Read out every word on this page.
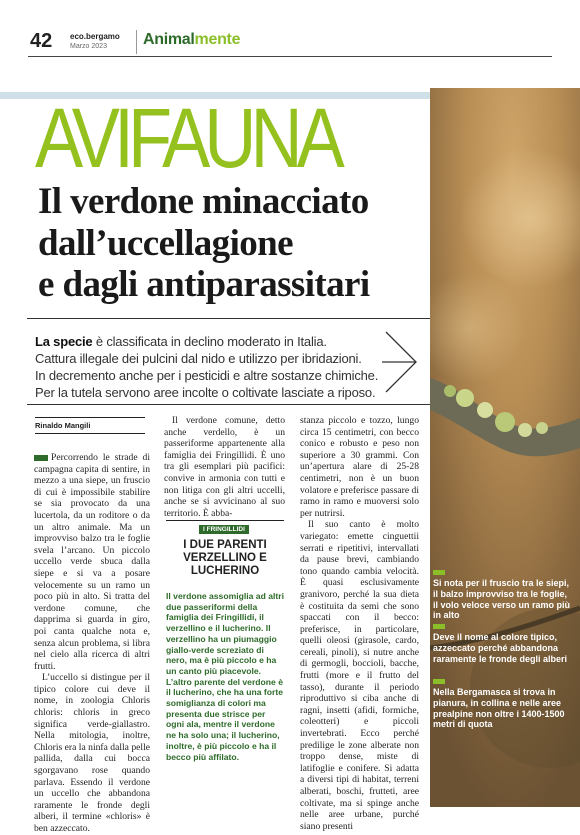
42 eco.bergamo
Marzo 2023 Animalmente
AVIFAUNA
Il verdone minacciato
dall’uccellagione
e dagli antiparassitari
La specie è classificata in declino moderato in Italia.
Cattura illegale dei pulcini dal nido e utilizzo per ibridazioni.
In decremento anche per i pesticidi e altre sostanze chimiche.
Per la tutela servono aree incolte o coltivate lasciate a riposo.
Rinaldo Mangili

Percorrendo le strade di campagna capita di sentire, in mezzo a una siepe, un fruscio di cui è impossibile stabilire se sia provocato da una lucertola, da un roditore o da un altro animale. Ma un improvviso balzo tra le foglie svela l’arcano. Un piccolo uccello verde sbuca dalla siepe e si va a posare velocemente su un ramo un poco più in alto. Si tratta del verdone comune, che dapprima si guarda in giro, poi canta qualche nota e, senza alcun problema, si libra nel cielo alla ricerca di altri frutti.

L’uccello si distingue per il tipico colore cui deve il nome, in zoologia Chloris chloris: chloris in greco significa verde-giallastro. Nella mitologia, inoltre, Chloris era la ninfa dalla pelle pallida, dalla cui bocca sgorgavano rose quando parlava. Essendo il verdone un uccello che abbandona raramente le fronde degli alberi, il termine «chloris» è ben azzeccato.

Il verdone comune, detto anche verdello, è un passeriforme appartenente alla famiglia dei Fringillidi. È uno tra gli esemplari più pacifici: convive in armonia con tutti e non litiga con gli altri uccelli, anche se si avvicinano al suo territorio. È abba-

I FRINGILLIDI
I DUE PARENTI VERZELLINO E LUCHERINO
Il verdone assomiglia ad altri due passeriformi della famiglia dei Fringillidi, il verzellino e il lucherino. Il verzellino ha un piumaggio giallo-verde screziato di nero, ma è più piccolo e ha un canto più piacevole. L’altro parente del verdone è il lucherino, che ha una forte somiglianza di colori ma presenta due strisce per ogni ala, mentre il verdone ne ha solo una; il lucherino, inoltre, è più piccolo e ha il becco più affilato.

stanza piccolo e tozzo, lungo circa 15 centimetri, con becco conico e robusto e peso non superiore a 30 grammi. Con un’apertura alare di 25-28 centimetri, non è un buon volatore e preferisce passare di ramo in ramo e muoversi solo per nutrirsi.

Il suo canto è molto variegato: emette cinguettii serrati e ripetitivi, intervallati da pause brevi, cambiando tono quando cambia velocità. È quasi esclusivamente granivoro, perché la sua dieta è costituita da semi che sono spaccati con il becco: preferisce, in particolare, quelli oleosi (girasole, cardo, cereali, pinoli), si nutre anche di germogli, boccioli, bacche, frutti (more e il frutto del tasso), durante il periodo riproduttivo si ciba anche di ragni, insetti (afidi, formiche, coleotteri) e piccoli invertebrati. Ecco perché predilige le zone alberate non troppo dense, miste di latifoglie e conifere. Si adatta a diversi tipi di habitat, terreni alberati, boschi, frutteti, aree coltivate, ma si spinge anche nelle aree urbane, purché siano presenti

Si nota per il fruscio tra le siepi, il balzo improvviso tra le foglie, il volo veloce verso un ramo più in alto
Deve il nome al colore tipico, azzeccato perché abbandona raramente le fronde degli alberi
Nella Bergamasca si trova in pianura, in collina e nelle aree prealpine non oltre i 1400-1500 metri di quota
